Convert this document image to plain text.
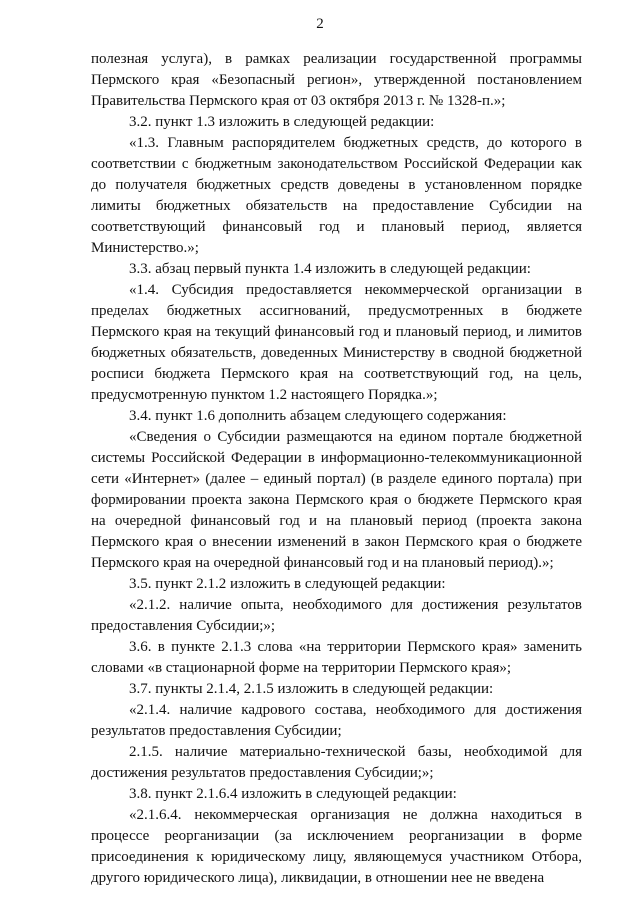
2

полезная услуга), в рамках реализации государственной программы Пермского края «Безопасный регион», утвержденной постановлением Правительства Пермского края от 03 октября 2013 г. № 1328-п.»;

3.2. пункт 1.3 изложить в следующей редакции:

«1.3. Главным распорядителем бюджетных средств, до которого в соответствии с бюджетным законодательством Российской Федерации как до получателя бюджетных средств доведены в установленном порядке лимиты бюджетных обязательств на предоставление Субсидии на соответствующий финансовый год и плановый период, является Министерство.»;

3.3. абзац первый пункта 1.4 изложить в следующей редакции:

«1.4. Субсидия предоставляется некоммерческой организации в пределах бюджетных ассигнований, предусмотренных в бюджете Пермского края на текущий финансовый год и плановый период, и лимитов бюджетных обязательств, доведенных Министерству в сводной бюджетной росписи бюджета Пермского края на соответствующий год, на цель, предусмотренную пунктом 1.2 настоящего Порядка.»;

3.4. пункт 1.6 дополнить абзацем следующего содержания:

«Сведения о Субсидии размещаются на едином портале бюджетной системы Российской Федерации в информационно-телекоммуникационной сети «Интернет» (далее – единый портал) (в разделе единого портала) при формировании проекта закона Пермского края о бюджете Пермского края на очередной финансовый год и на плановый период (проекта закона Пермского края о внесении изменений в закон Пермского края о бюджете Пермского края на очередной финансовый год и на плановый период).»;

3.5. пункт 2.1.2 изложить в следующей редакции:

«2.1.2. наличие опыта, необходимого для достижения результатов предоставления Субсидии;»;

3.6. в пункте 2.1.3 слова «на территории Пермского края» заменить словами «в стационарной форме на территории Пермского края»;

3.7. пункты 2.1.4, 2.1.5 изложить в следующей редакции:

«2.1.4. наличие кадрового состава, необходимого для достижения результатов предоставления Субсидии;

2.1.5. наличие материально-технической базы, необходимой для достижения результатов предоставления Субсидии;»;

3.8. пункт 2.1.6.4 изложить в следующей редакции:

«2.1.6.4. некоммерческая организация не должна находиться в процессе реорганизации (за исключением реорганизации в форме присоединения к юридическому лицу, являющемуся участником Отбора, другого юридического лица), ликвидации, в отношении нее не введена
